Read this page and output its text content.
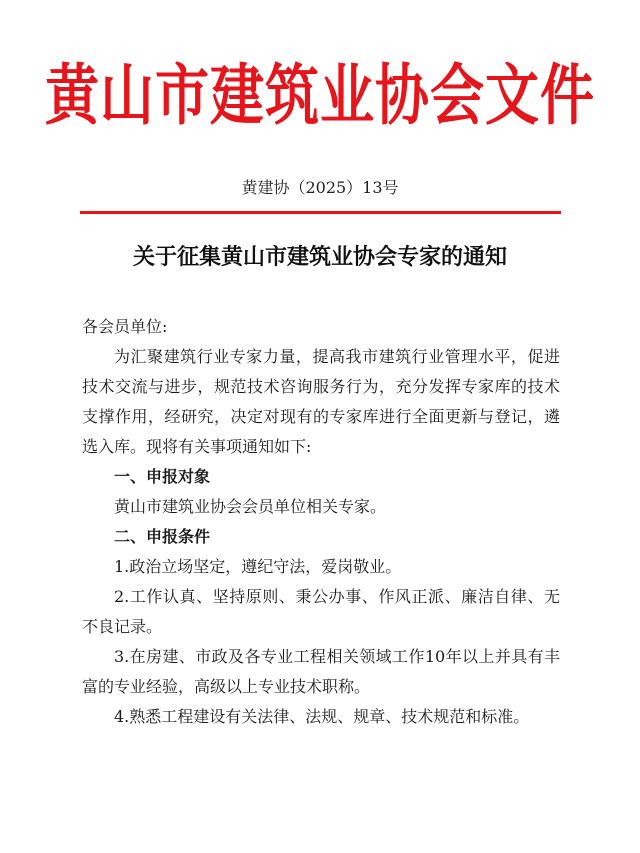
黄山市建筑业协会文件
黄建协（2025）13号
关于征集黄山市建筑业协会专家的通知

各会员单位:

为汇聚建筑行业专家力量，提高我市建筑行业管理水平，促进技术交流与进步，规范技术咨询服务行为，充分发挥专家库的技术支撑作用，经研究，决定对现有的专家库进行全面更新与登记，遴选入库。现将有关事项通知如下:

一、申报对象

黄山市建筑业协会会员单位相关专家。

二、申报条件

1.政治立场坚定，遵纪守法，爱岗敬业。

2.工作认真、坚持原则、秉公办事、作风正派、廉洁自律、无不良记录。

3.在房建、市政及各专业工程相关领域工作10年以上并具有丰富的专业经验，高级以上专业技术职称。

4.熟悉工程建设有关法律、法规、规章、技术规范和标准。
